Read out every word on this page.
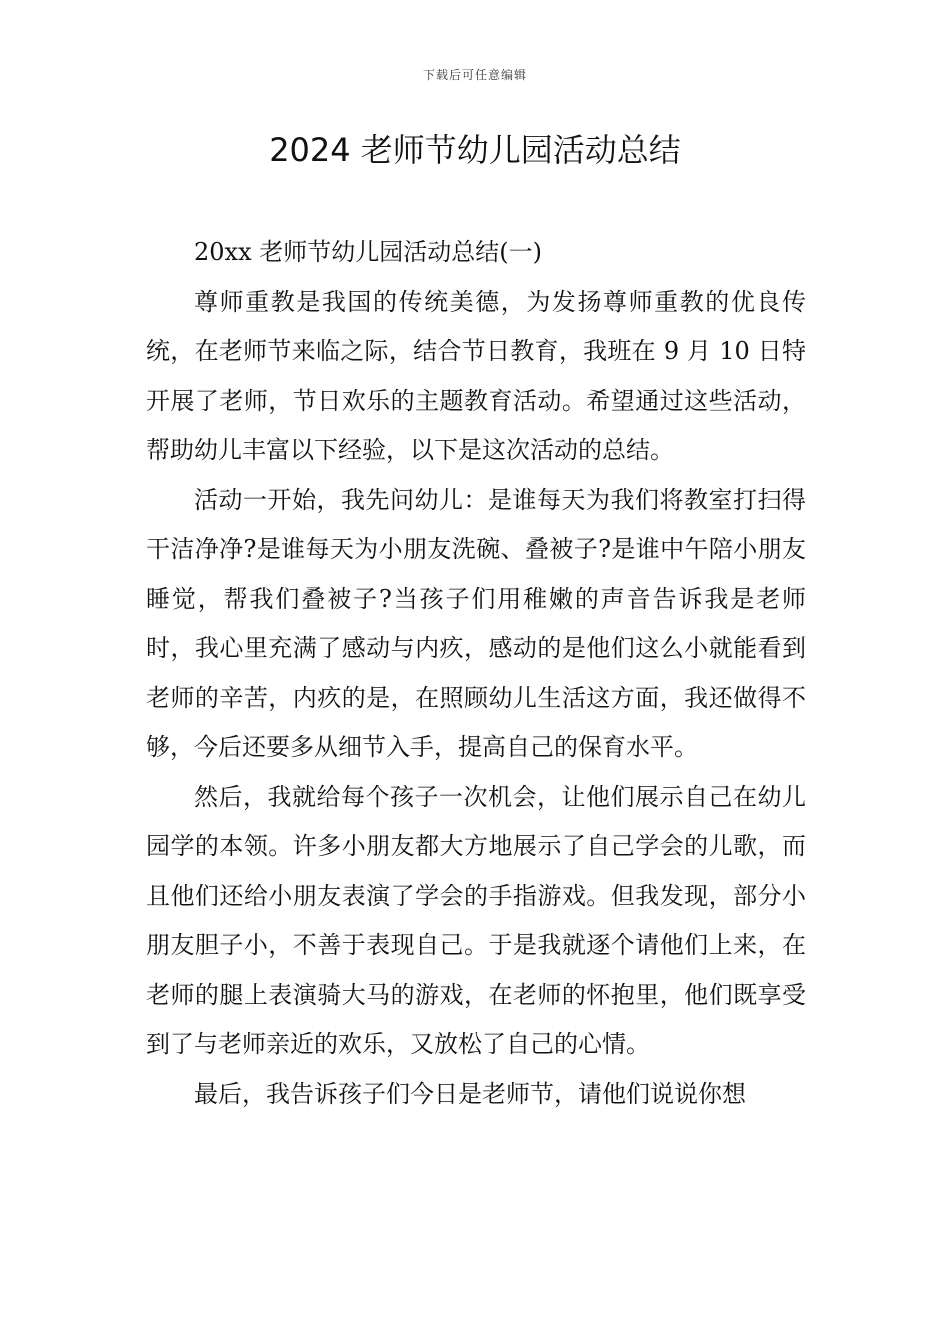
下载后可任意编辑
2024 老师节幼儿园活动总结

20xx 老师节幼儿园活动总结(一)

尊师重教是我国的传统美德，为发扬尊师重教的优良传统，在老师节来临之际，结合节日教育，我班在 9 月 10 日特开展了老师，节日欢乐的主题教育活动。希望通过这些活动，帮助幼儿丰富以下经验，以下是这次活动的总结。

活动一开始，我先问幼儿：是谁每天为我们将教室打扫得干洁净净?是谁每天为小朋友洗碗、叠被子?是谁中午陪小朋友睡觉，帮我们叠被子?当孩子们用稚嫩的声音告诉我是老师时，我心里充满了感动与内疚，感动的是他们这么小就能看到老师的辛苦，内疚的是，在照顾幼儿生活这方面，我还做得不够，今后还要多从细节入手，提高自己的保育水平。

然后，我就给每个孩子一次机会，让他们展示自己在幼儿园学的本领。许多小朋友都大方地展示了自己学会的儿歌，而且他们还给小朋友表演了学会的手指游戏。但我发现，部分小朋友胆子小，不善于表现自己。于是我就逐个请他们上来，在老师的腿上表演骑大马的游戏，在老师的怀抱里，他们既享受到了与老师亲近的欢乐，又放松了自己的心情。

最后，我告诉孩子们今日是老师节，请他们说说你想
